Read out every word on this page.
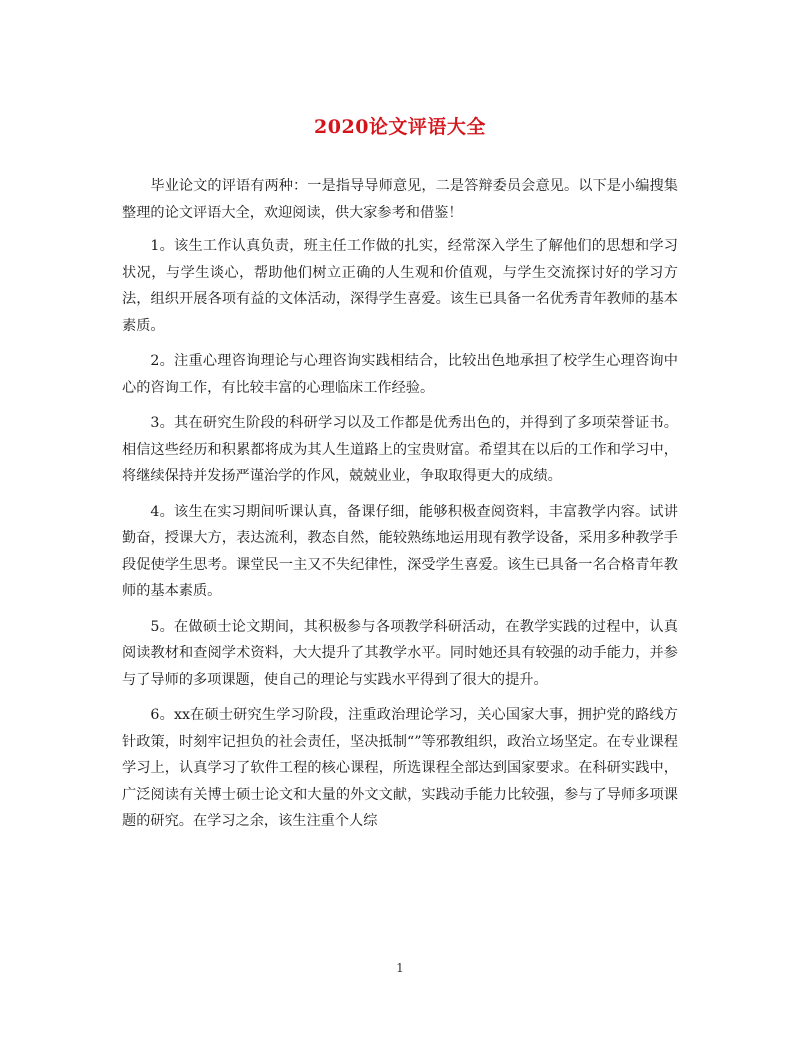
2020论文评语大全

毕业论文的评语有两种：一是指导导师意见，二是答辩委员会意见。以下是小编搜集整理的论文评语大全，欢迎阅读，供大家参考和借鉴！

1。该生工作认真负责，班主任工作做的扎实，经常深入学生了解他们的思想和学习状况，与学生谈心，帮助他们树立正确的人生观和价值观，与学生交流探讨好的学习方法，组织开展各项有益的文体活动，深得学生喜爱。该生已具备一名优秀青年教师的基本素质。

2。注重心理咨询理论与心理咨询实践相结合，比较出色地承担了校学生心理咨询中心的咨询工作，有比较丰富的心理临床工作经验。

3。其在研究生阶段的科研学习以及工作都是优秀出色的，并得到了多项荣誉证书。相信这些经历和积累都将成为其人生道路上的宝贵财富。希望其在以后的工作和学习中，将继续保持并发扬严谨治学的作风，兢兢业业，争取取得更大的成绩。

4。该生在实习期间听课认真，备课仔细，能够积极查阅资料，丰富教学内容。试讲勤奋，授课大方，表达流利，教态自然，能较熟练地运用现有教学设备，采用多种教学手段促使学生思考。课堂民一主又不失纪律性，深受学生喜爱。该生已具备一名合格青年教师的基本素质。

5。在做硕士论文期间，其积极参与各项教学科研活动，在教学实践的过程中，认真阅读教材和查阅学术资料，大大提升了其教学水平。同时她还具有较强的动手能力，并参与了导师的多项课题，使自己的理论与实践水平得到了很大的提升。

6。xx在硕士研究生学习阶段，注重政治理论学习，关心国家大事，拥护党的路线方针政策，时刻牢记担负的社会责任，坚决抵制“”等邪教组织，政治立场坚定。在专业课程学习上，认真学习了软件工程的核心课程，所选课程全部达到国家要求。在科研实践中，广泛阅读有关博士硕士论文和大量的外文文献，实践动手能力比较强，参与了导师多项课题的研究。在学习之余，该生注重个人综

1
